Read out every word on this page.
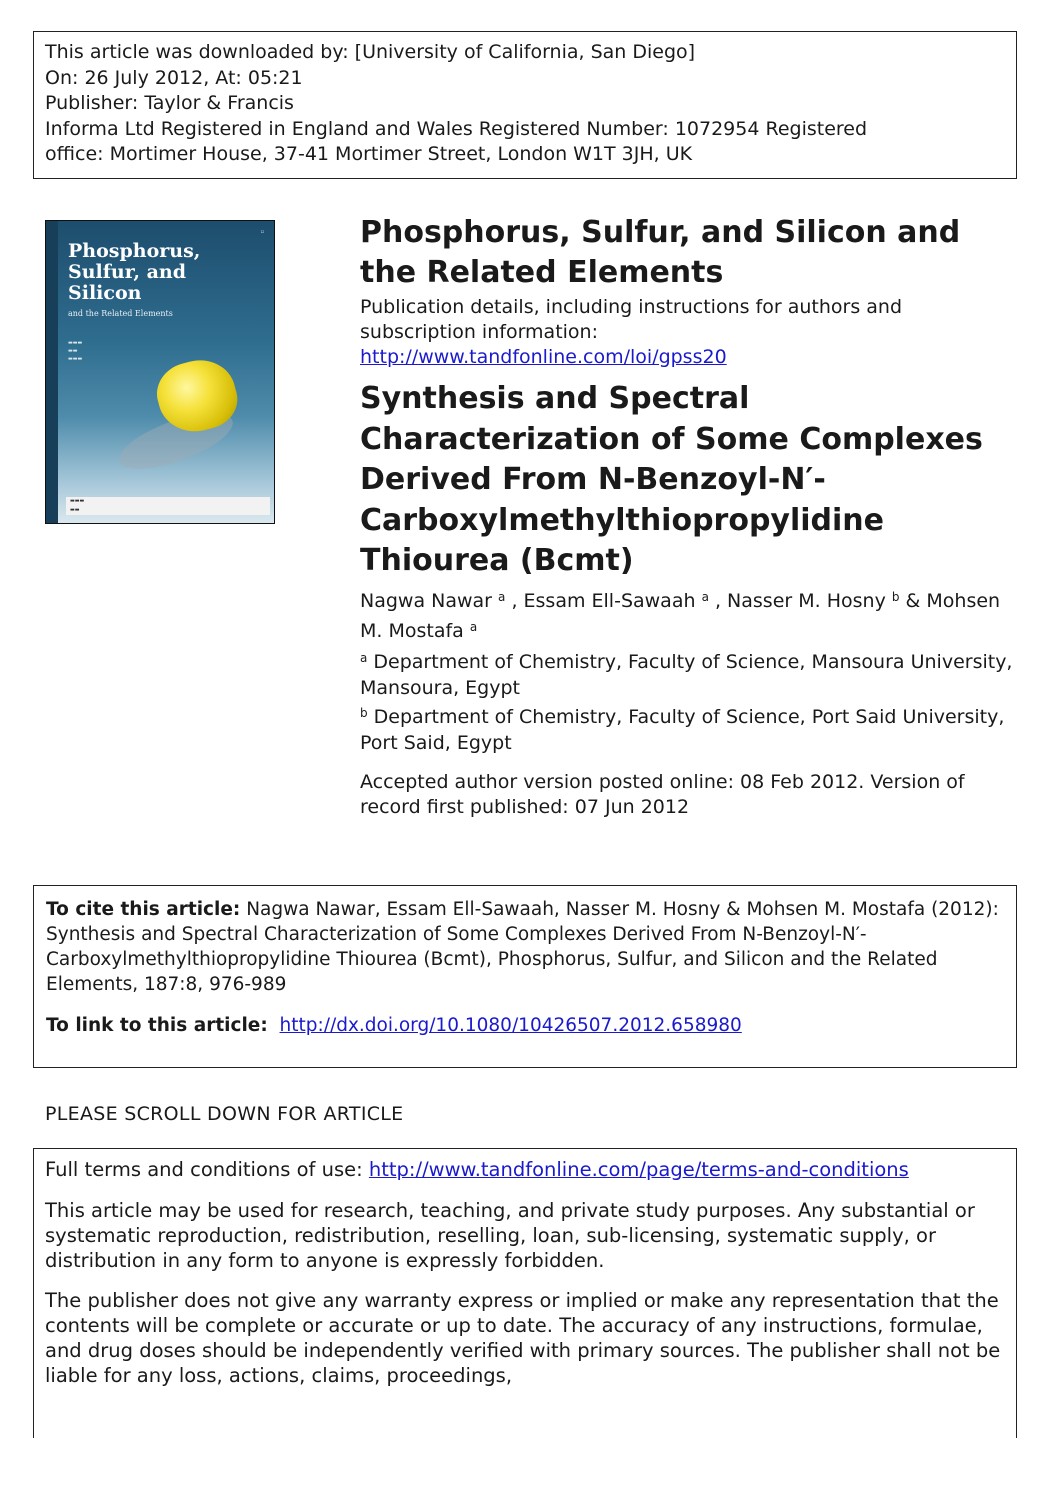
This article was downloaded by: [University of California, San Diego]
On: 26 July 2012, At: 05:21
Publisher: Taylor & Francis
Informa Ltd Registered in England and Wales Registered Number: 1072954 Registered
office: Mortimer House, 37-41 Mortimer Street, London W1T 3JH, UK
▫
Phosphorus,
Sulfur, and
Silicon
and the Related Elements
▬▬▬
▬▬
▬▬▬
▬▬▬
▬▬
Phosphorus, Sulfur, and Silicon and the Related Elements
Publication details, including instructions for authors and subscription information:
http://www.tandfonline.com/loi/gpss20
Synthesis and Spectral Characterization of Some Complexes Derived From N-Benzoyl-N′-Carboxylmethylthiopropylidine Thiourea (Bcmt)
Nagwa Nawar $^a$ , Essam Ell-Sawaah $^a$ , Nasser M. Hosny $^b$ & Mohsen M. Mostafa $^a$
$^a$ Department of Chemistry, Faculty of Science, Mansoura University, Mansoura, Egypt
$^b$ Department of Chemistry, Faculty of Science, Port Said University, Port Said, Egypt
Accepted author version posted online: 08 Feb 2012. Version of record first published: 07 Jun 2012
To cite this article: Nagwa Nawar, Essam Ell-Sawaah, Nasser M. Hosny & Mohsen M. Mostafa (2012): Synthesis and Spectral Characterization of Some Complexes Derived From N-Benzoyl-N′-Carboxylmethylthiopropylidine Thiourea (Bcmt), Phosphorus, Sulfur, and Silicon and the Related Elements, 187:8, 976-989
To link to this article: http://dx.doi.org/10.1080/10426507.2012.658980
PLEASE SCROLL DOWN FOR ARTICLE

Full terms and conditions of use: http://www.tandfonline.com/page/terms-and-conditions

This article may be used for research, teaching, and private study purposes. Any substantial or systematic reproduction, redistribution, reselling, loan, sub-licensing, systematic supply, or distribution in any form to anyone is expressly forbidden.

The publisher does not give any warranty express or implied or make any representation that the contents will be complete or accurate or up to date. The accuracy of any instructions, formulae, and drug doses should be independently verified with primary sources. The publisher shall not be liable for any loss, actions, claims, proceedings,
